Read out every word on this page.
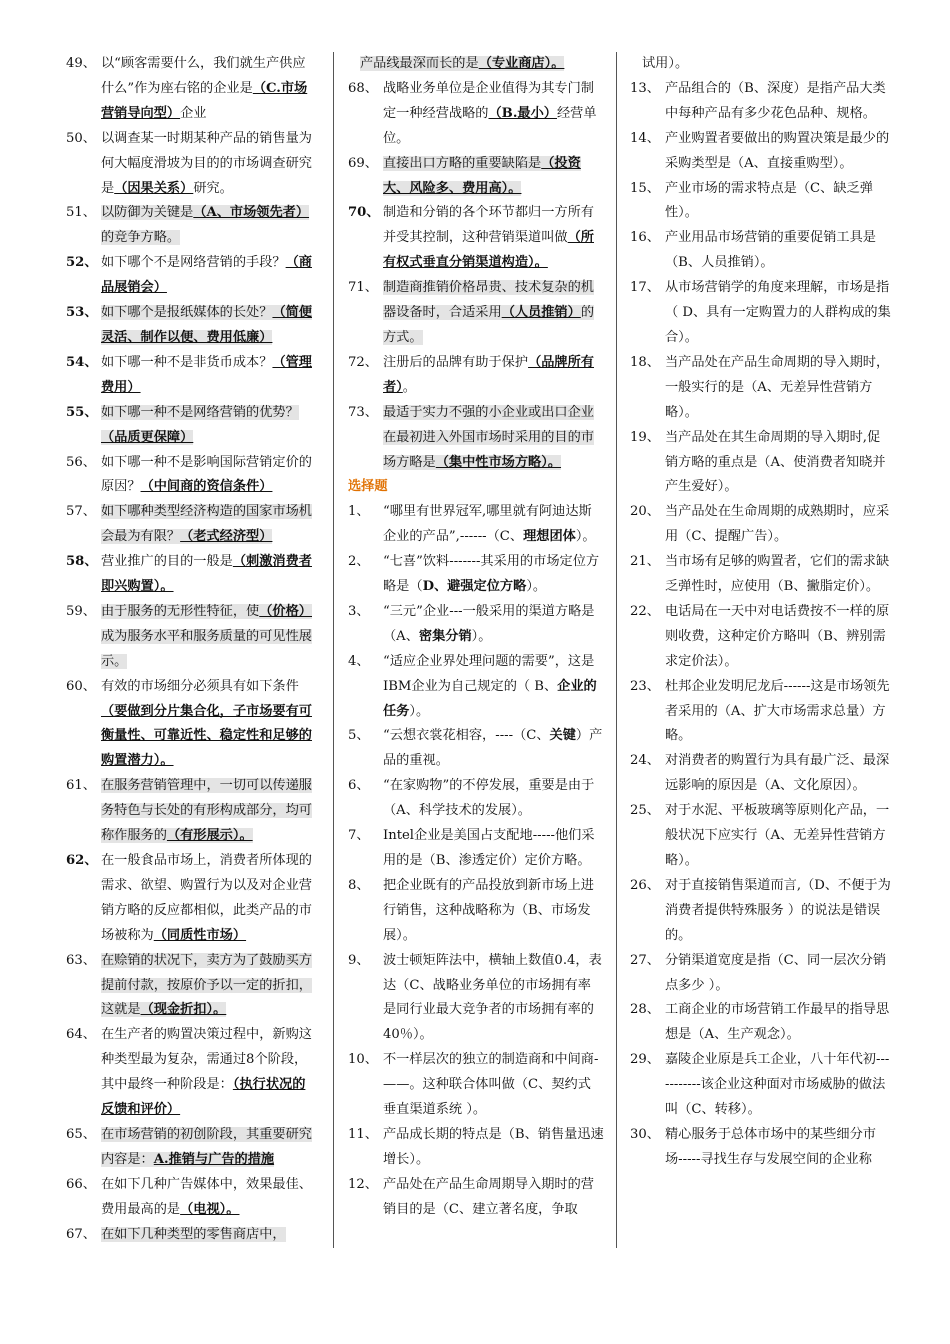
49、 以“顾客需要什么，我们就生产供应什么”作为座右铭的企业是（C.市场营销导向型）企业
50、 以调查某一时期某种产品的销售量为何大幅度滑坡为目的的市场调查研究是（因果关系）研究。
51、 以防御为关键是（A、市场领先者）的竞争方略。
52、 如下哪个不是网络营销的手段？（商品展销会）
53、 如下哪个是报纸媒体的长处？（简便灵活、制作以便、费用低廉）
54、 如下哪一种不是非货币成本？（管理费用）
55、 如下哪一种不是网络营销的优势？（品质更保障）
56、 如下哪一种不是影响国际营销定价的原因？（中间商的资信条件）
57、 如下哪种类型经济构造的国家市场机会最为有限？（老式经济型）
58、 营业推广的目的一般是（刺激消费者即兴购置）。
59、 由于服务的无形性特征，使（价格）成为服务水平和服务质量的可见性展示。
60、 有效的市场细分必须具有如下条件（要做到分片集合化，子市场要有可衡量性、可靠近性、稳定性和足够的购置潜力）。
61、 在服务营销管理中，一切可以传递服务特色与长处的有形构成部分，均可称作服务的（有形展示）。
62、 在一般食品市场上，消费者所体现的需求、欲望、购置行为以及对企业营销方略的反应都相似，此类产品的市场被称为（同质性市场）
63、 在赊销的状况下，卖方为了鼓励买方提前付款，按原价予以一定的折扣，这就是（现金折扣）。
64、 在生产者的购置决策过程中，新购这种类型最为复杂，需通过8个阶段，其中最终一种阶段是：（执行状况的反馈和评价）
65、 在市场营销的初创阶段，其重要研究内容是：A.推销与广告的措施
66、 在如下几种广告媒体中，效果最佳、费用最高的是（电视）。
67、 在如下几种类型的零售商店中，
产品线最深而长的是（专业商店）。
68、 战略业务单位是企业值得为其专门制定一种经营战略的（B.最小）经营单位。
69、 直接出口方略的重要缺陷是（投资大、风险多、费用高）。
70、 制造和分销的各个环节都归一方所有并受其控制，这种营销渠道叫做（所有权式垂直分销渠道构造）。
71、 制造商推销价格昂贵、技术复杂的机器设备时，合适采用（人员推销）的方式。
72、 注册后的品牌有助于保护（品牌所有者）。
73、 最适于实力不强的小企业或出口企业在最初进入外国市场时采用的目的市场方略是（集中性市场方略）。
选择题
1、 “哪里有世界冠军,哪里就有阿迪达斯企业的产品”,------（C、理想团体）。
2、 “七喜”饮料-------其采用的市场定位方略是（D、避强定位方略）。
3、 “三元”企业---一般采用的渠道方略是（A、密集分销）。
4、 “适应企业界处理问题的需要”，这是IBM企业为自己规定的（ B、企业的任务）。
5、 “云想衣裳花相容，----（C、关键）产品的重视。
6、 “在家购物”的不停发展，重要是由于（A、科学技术的发展）。
7、 Intel企业是美国占支配地-----他们采用的是（B、渗透定价）定价方略。
8、 把企业既有的产品投放到新市场上进行销售，这种战略称为（B、市场发展）。
9、 波士顿矩阵法中，横轴上数值0.4，表达（C、战略业务单位的市场拥有率是同行业最大竞争者的市场拥有率的40％）。
10、 不一样层次的独立的制造商和中间商-——。这种联合体叫做（C、契约式垂直渠道系统 ）。
11、 产品成长期的特点是（B、销售量迅速增长）。
12、 产品处在产品生命周期导入期时的营销目的是（C、建立著名度，争取
试用）。
13、 产品组合的（B、深度）是指产品大类中每种产品有多少花色品种、规格。
14、 产业购置者要做出的购置决策是最少的采购类型是（A、直接重购型）。
15、 产业市场的需求特点是（C、缺乏弹性）。
16、 产业用品市场营销的重要促销工具是（B、人员推销）。
17、 从市场营销学的角度来理解，市场是指（ D、具有一定购置力的人群构成的集合）。
18、 当产品处在产品生命周期的导入期时，一般实行的是（A、无差异性营销方略）。
19、 当产品处在其生命周期的导入期时,促销方略的重点是（A、使消费者知晓并产生爱好）。
20、 当产品处在生命周期的成熟期时，应采用（C、提醒广告）。
21、 当市场有足够的购置者，它们的需求缺乏弹性时，应使用（B、撇脂定价）。
22、 电话局在一天中对电话费按不一样的原则收费，这种定价方略叫（B、辨别需求定价法）。
23、 杜邦企业发明尼龙后------这是市场领先者采用的（A、扩大市场需求总量）方略。
24、 对消费者的购置行为具有最广泛、最深远影响的原因是（A、文化原因）。
25、 对于水泥、平板玻璃等原则化产品，一般状况下应实行（A、无差异性营销方略）。
26、 对于直接销售渠道而言,（D、不便于为消费者提供特殊服务 ）的说法是错误的。
27、 分销渠道宽度是指（C、同一层次分销点多少 ）。
28、 工商企业的市场营销工作最早的指导思想是（A、生产观念）。
29、 嘉陵企业原是兵工企业，八十年代初-----------该企业这种面对市场威胁的做法叫（C、转移）。
30、 精心服务于总体市场中的某些细分市场-----寻找生存与发展空间的企业称
